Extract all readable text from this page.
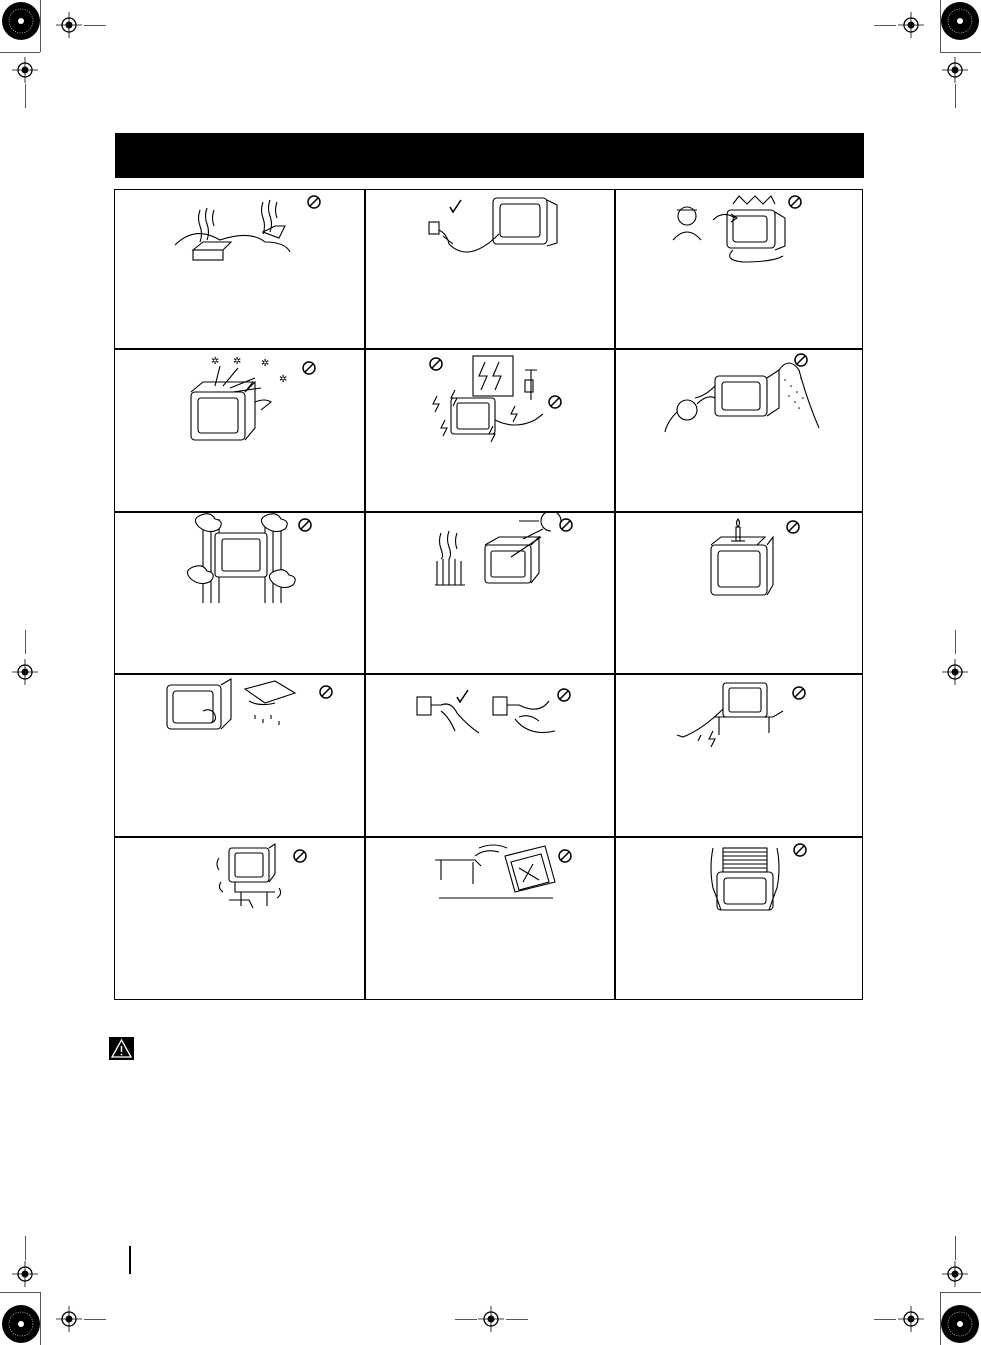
✲ ✲ ✲
✲
